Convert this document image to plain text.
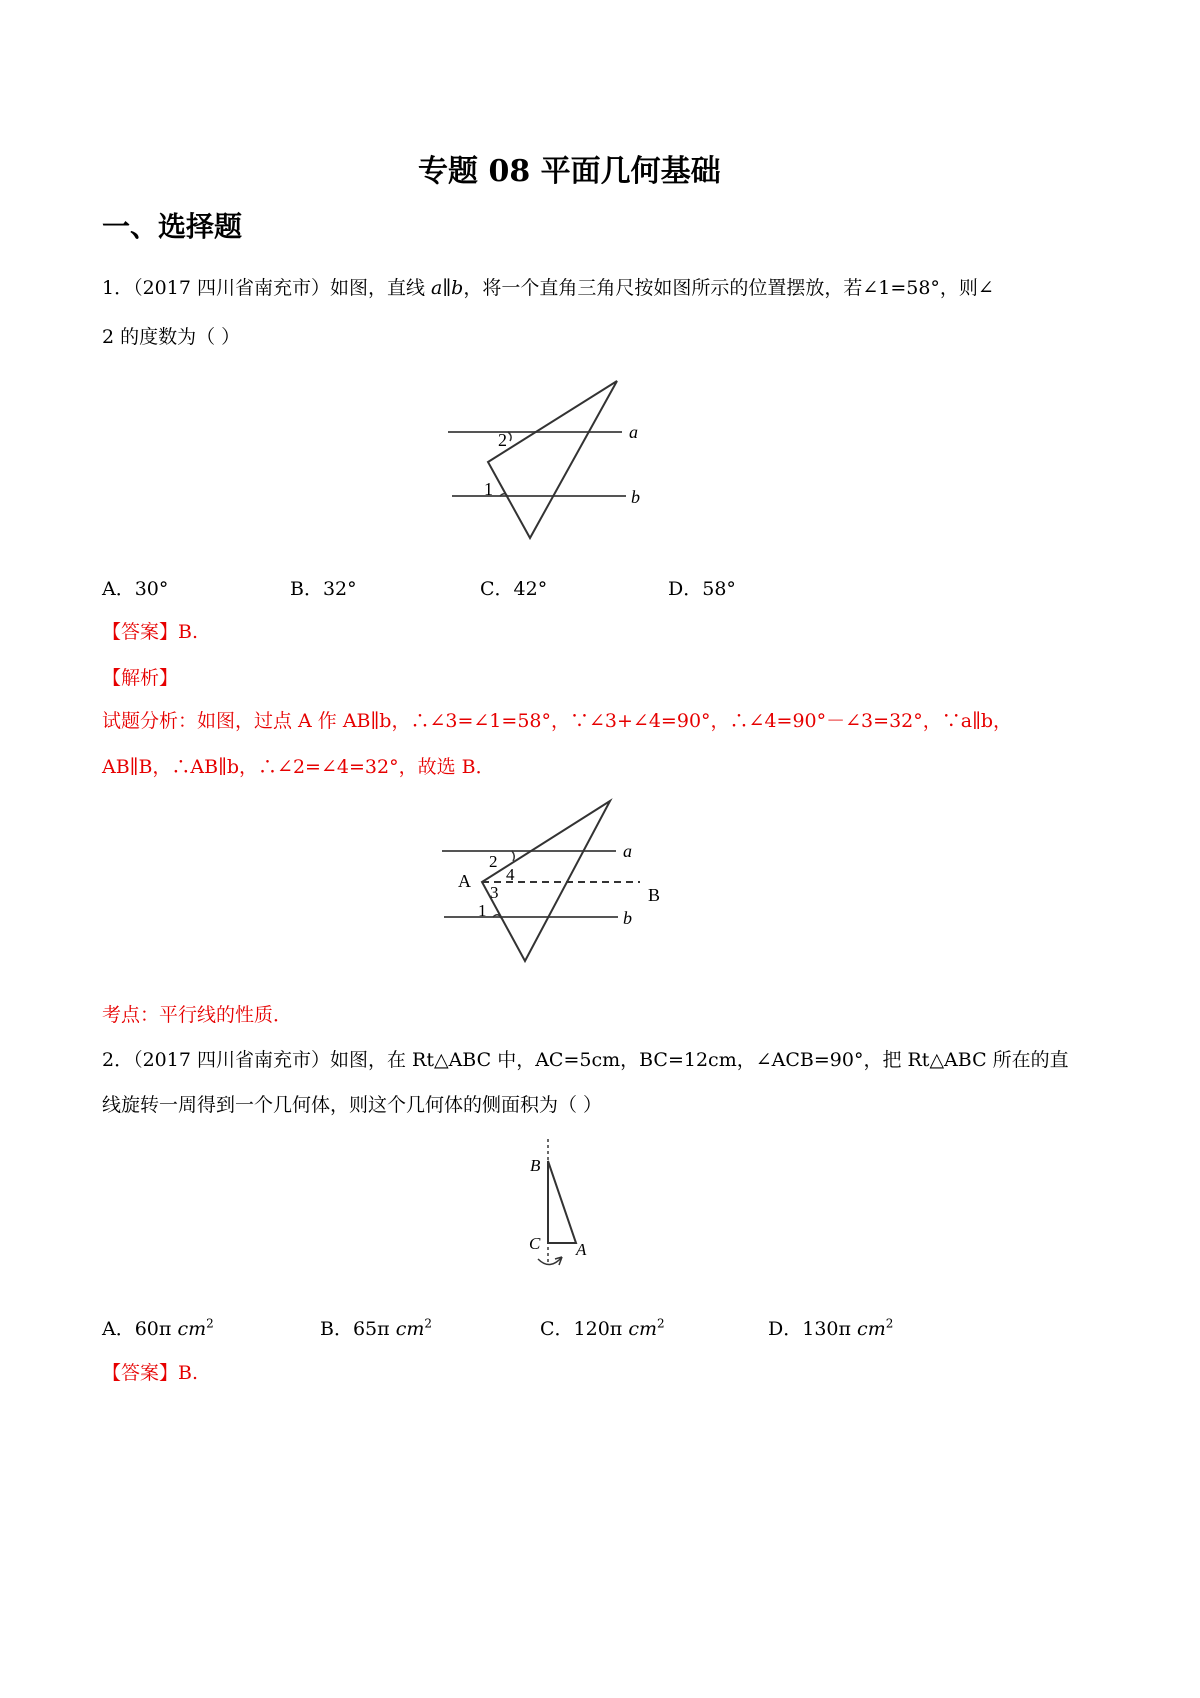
专题 08 平面几何基础
一、选择题
1．（2017 四川省南充市）如图，直线 a∥b，将一个直角三角尺按如图所示的位置摆放，若∠1=58°，则∠
2 的度数为（ ）
a
b
2
1
A．30°	B．32°	C．42°	D．58°
【答案】B.
【解析】
试题分析：如图，过点 A 作 AB∥b，∴∠3=∠1=58°，∵∠3+∠4=90°，∴∠4=90°－∠3=32°，∵a∥b，
AB∥B，∴AB∥b，∴∠2=∠4=32°，故选 B．
a
b
A
B
2
4
3
1
考点：平行线的性质．
2．（2017 四川省南充市）如图，在 Rt△ABC 中，AC=5cm，BC=12cm，∠ACB=90°，把 Rt△ABC 所在的直
线旋转一周得到一个几何体，则这个几何体的侧面积为（ ）
B
C A
A．60π $cm^2$	B．65π $cm^2$	C．120π $cm^2$	D．130π $cm^2$
【答案】B.
